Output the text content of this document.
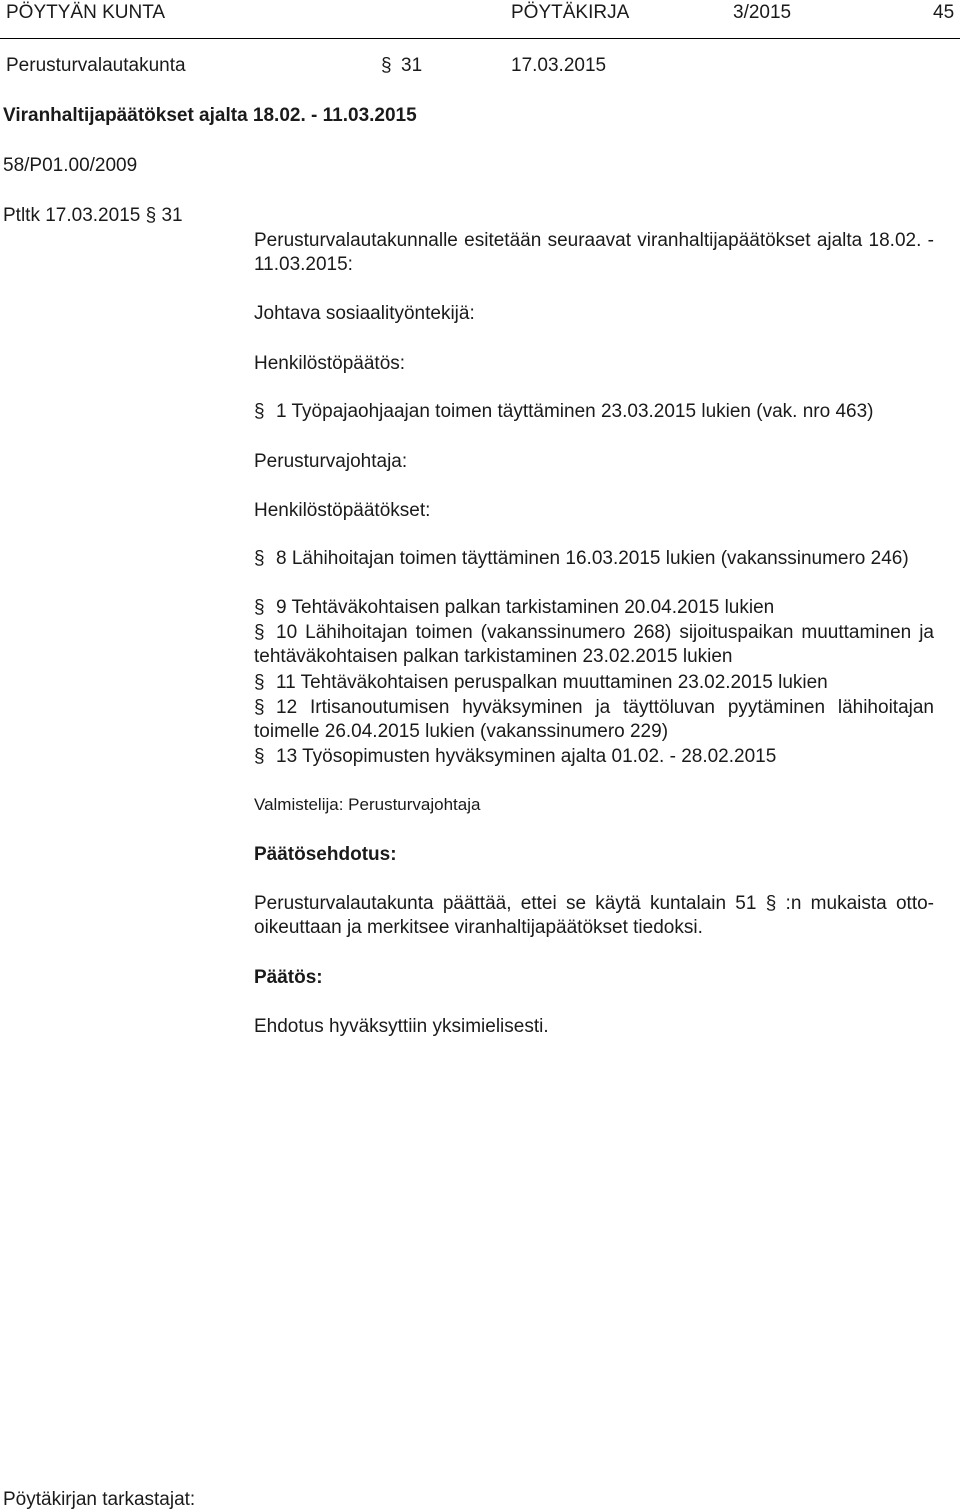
PÖYTYÄN KUNTA	PÖYTÄKIRJA	3/2015	45
Perusturvalautakunta	§ 31	17.03.2015
Viranhaltijapäätökset ajalta 18.02. - 11.03.2015
58/P01.00/2009
Ptltk 17.03.2015 § 31
Perusturvalautakunnalle esitetään seuraavat viranhaltijapäätökset ajalta 18.02. - 11.03.2015:
Johtava sosiaalityöntekijä:
Henkilöstöpäätös:
§ 1 Työpajaohjaajan toimen täyttäminen 23.03.2015 lukien (vak. nro 463)
Perusturvajohtaja:
Henkilöstöpäätökset:
§ 8 Lähihoitajan toimen täyttäminen 16.03.2015 lukien (vakanssinumero 246)
§ 9 Tehtäväkohtaisen palkan tarkistaminen 20.04.2015 lukien
§ 10 Lähihoitajan toimen (vakanssinumero 268) sijoituspaikan muuttaminen ja tehtäväkohtaisen palkan tarkistaminen 23.02.2015 lukien
§ 11 Tehtäväkohtaisen peruspalkan muuttaminen 23.02.2015 lukien
§ 12 Irtisanoutumisen hyväksyminen ja täyttöluvan pyytäminen lähihoitajan toimelle 26.04.2015 lukien (vakanssinumero 229)
§ 13 Työsopimusten hyväksyminen ajalta 01.02. - 28.02.2015
Valmistelija: Perusturvajohtaja
Päätösehdotus:
Perusturvalautakunta päättää, ettei se käytä kuntalain 51 § :n mukaista otto-oikeuttaan ja merkitsee viranhaltijapäätökset tiedoksi.
Päätös:
Ehdotus hyväksyttiin yksimielisesti.
Pöytäkirjan tarkastajat:
